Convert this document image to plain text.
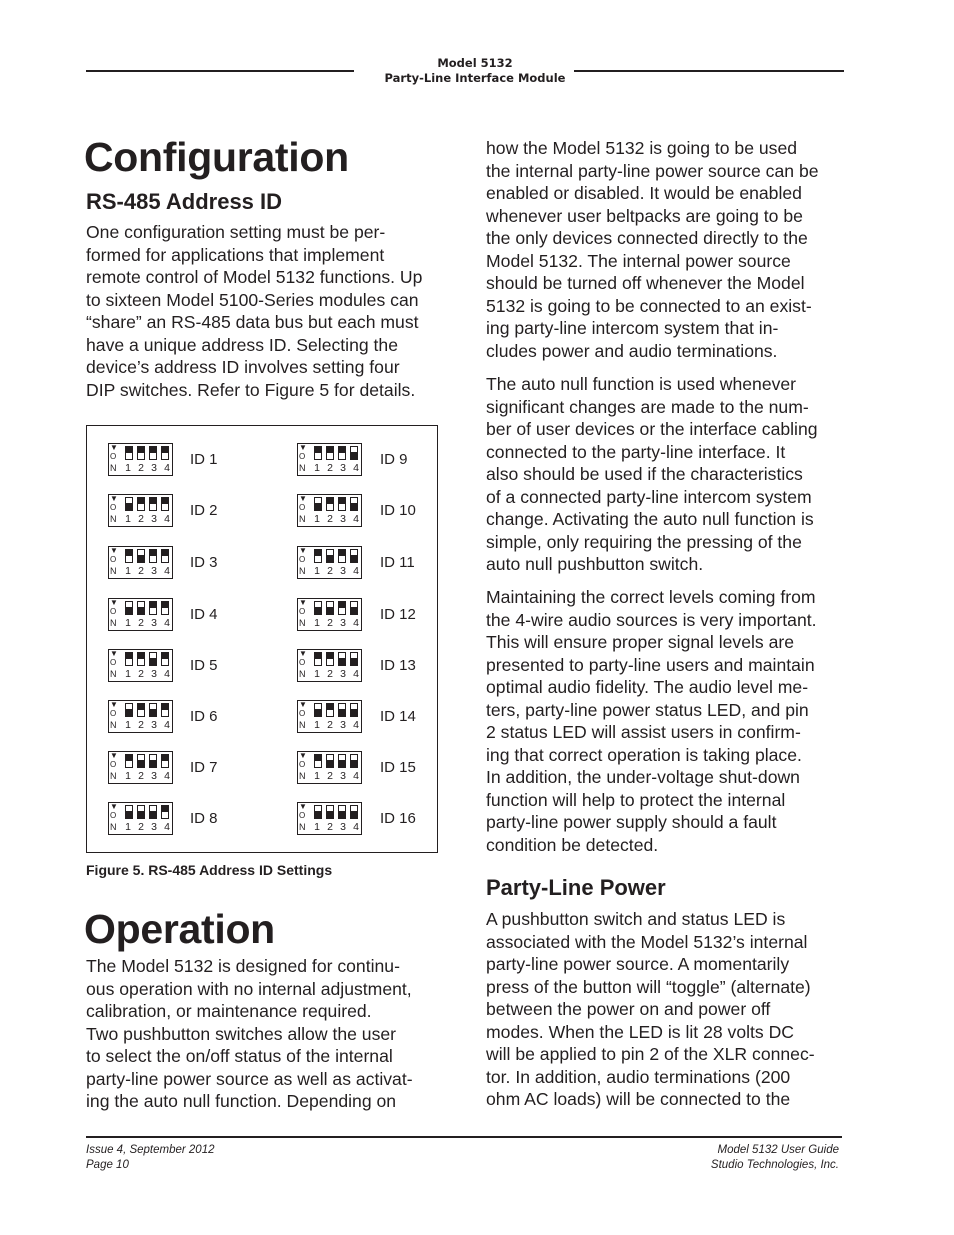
Model 5132
Party-Line Interface Module
Configuration
RS-485 Address ID

One configuration setting must be per-
formed for applications that implement
remote control of Model 5132 functions. Up
to sixteen Model 5100-Series modules can
“share” an RS-485 data bus but each must
have a unique address ID. Selecting the
device’s address ID involves setting four
DIP switches. Refer to Figure 5 for details.

▼
O
N 1 2 3 4 ID 1
▼
O
N 1 2 3 4 ID 2
▼
O
N 1 2 3 4 ID 3
▼
O
N 1 2 3 4 ID 4
▼
O
N 1 2 3 4 ID 5
▼
O
N 1 2 3 4 ID 6
▼
O
N 1 2 3 4 ID 7
▼
O
N 1 2 3 4 ID 8
▼
O
N 1 2 3 4 ID 9
▼
O
N 1 2 3 4 ID 10
▼
O
N 1 2 3 4 ID 11
▼
O
N 1 2 3 4 ID 12
▼
O
N 1 2 3 4 ID 13
▼
O
N 1 2 3 4 ID 14
▼
O
N 1 2 3 4 ID 15
▼
O
N 1 2 3 4 ID 16
Figure 5. RS-485 Address ID Settings
Operation

The Model 5132 is designed for continu-
ous operation with no internal adjustment,
calibration, or maintenance required.
Two pushbutton switches allow the user
to select the on/off status of the internal
party-line power source as well as activat-
ing the auto null function. Depending on

how the Model 5132 is going to be used
the internal party-line power source can be
enabled or disabled. It would be enabled
whenever user beltpacks are going to be
the only devices connected directly to the
Model 5132. The internal power source
should be turned off whenever the Model
5132 is going to be connected to an exist-
ing party-line intercom system that in-
cludes power and audio terminations.

The auto null function is used whenever
significant changes are made to the num-
ber of user devices or the interface cabling
connected to the party-line interface. It
also should be used if the characteristics
of a connected party-line intercom system
change. Activating the auto null function is
simple, only requiring the pressing of the
auto null pushbutton switch.

Maintaining the correct levels coming from
the 4-wire audio sources is very important.
This will ensure proper signal levels are
presented to party-line users and maintain
optimal audio fidelity. The audio level me-
ters, party-line power status LED, and pin
2 status LED will assist users in confirm-
ing that correct operation is taking place.
In addition, the under-voltage shut-down
function will help to protect the internal
party-line power supply should a fault
condition be detected.

Party-Line Power

A pushbutton switch and status LED is
associated with the Model 5132’s internal
party-line power source. A momentarily
press of the button will “toggle” (alternate)
between the power on and power off
modes. When the LED is lit 28 volts DC
will be applied to pin 2 of the XLR connec-
tor. In addition, audio terminations (200
ohm AC loads) will be connected to the

Issue 4, September 2012
Page 10
Model 5132 User Guide
Studio Technologies, Inc.
